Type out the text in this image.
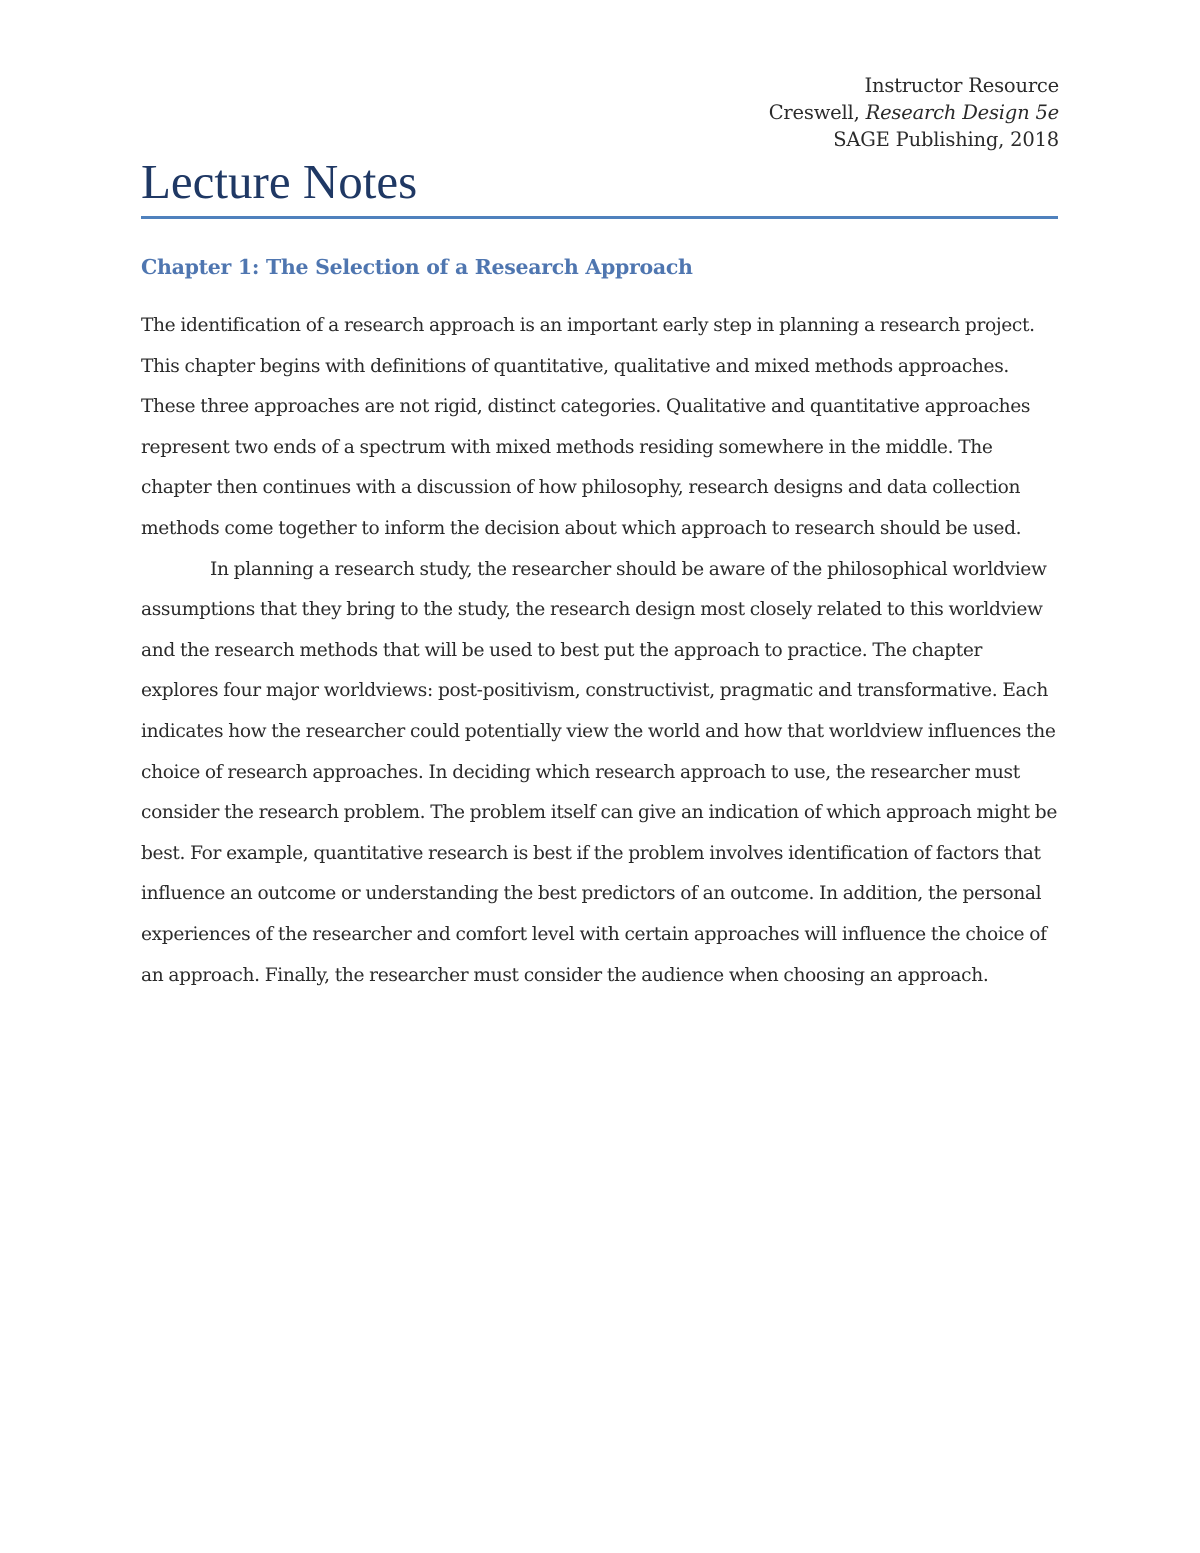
Instructor Resource
Creswell, Research Design 5e
SAGE Publishing, 2018
Lecture Notes
Chapter 1: The Selection of a Research Approach

The identification of a research approach is an important early step in planning a research project. This chapter begins with definitions of quantitative, qualitative and mixed methods approaches. These three approaches are not rigid, distinct categories. Qualitative and quantitative approaches represent two ends of a spectrum with mixed methods residing somewhere in the middle. The chapter then continues with a discussion of how philosophy, research designs and data collection methods come together to inform the decision about which approach to research should be used.

In planning a research study, the researcher should be aware of the philosophical worldview assumptions that they bring to the study, the research design most closely related to this worldview and the research methods that will be used to best put the approach to practice. The chapter explores four major worldviews: post-positivism, constructivist, pragmatic and transformative. Each indicates how the researcher could potentially view the world and how that worldview influences the choice of research approaches. In deciding which research approach to use, the researcher must consider the research problem. The problem itself can give an indication of which approach might be best. For example, quantitative research is best if the problem involves identification of factors that influence an outcome or understanding the best predictors of an outcome. In addition, the personal experiences of the researcher and comfort level with certain approaches will influence the choice of an approach. Finally, the researcher must consider the audience when choosing an approach.
